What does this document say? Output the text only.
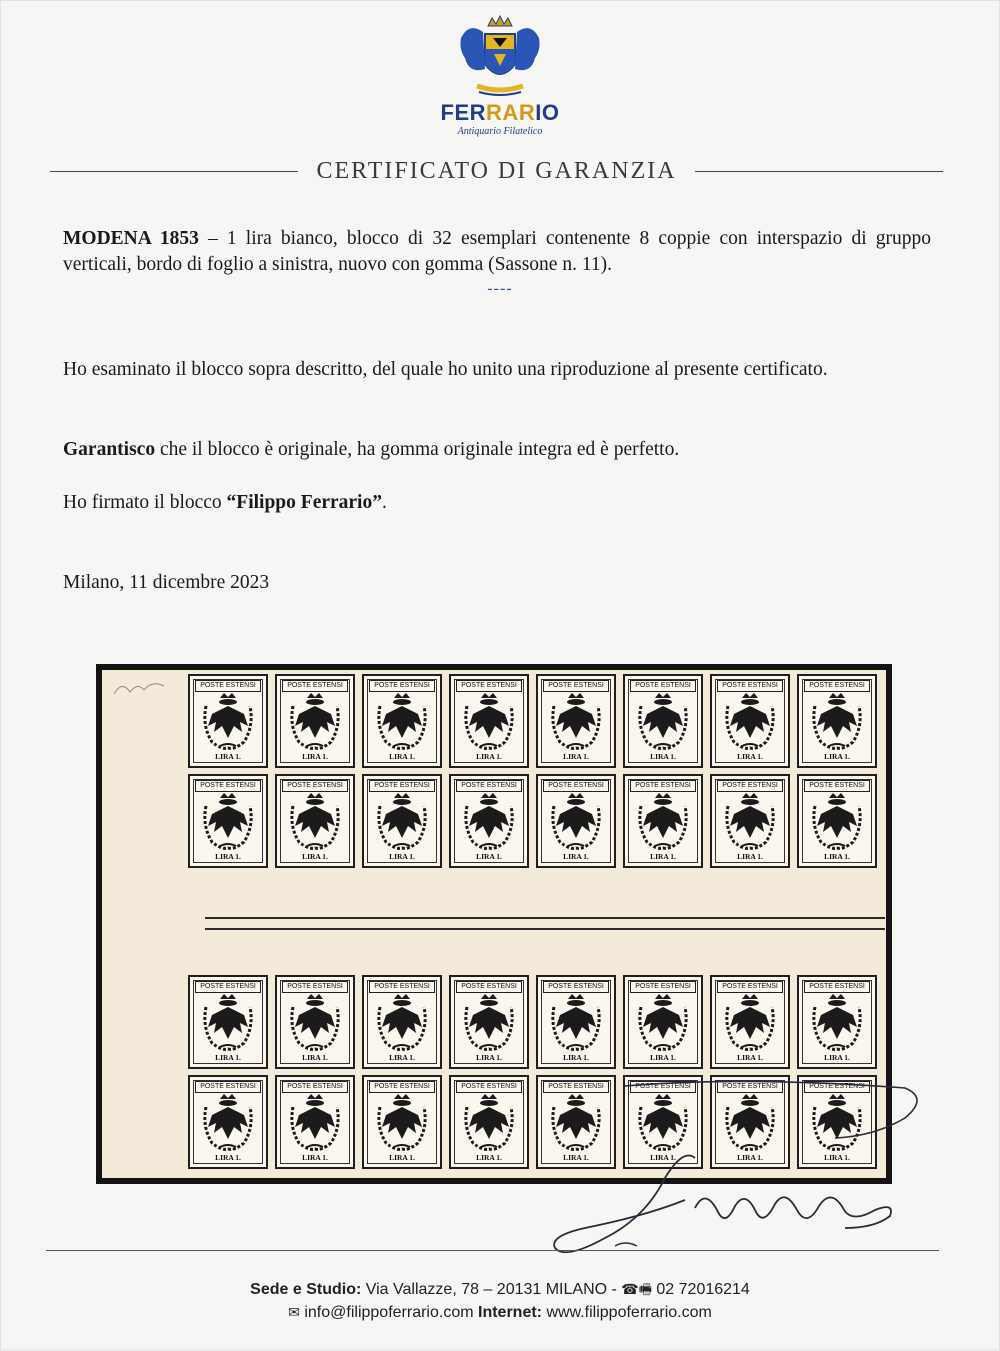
FERRARIO
Antiquario Filatelico
CERTIFICATO DI GARANZIA
MODENA 1853 – 1 lira bianco, blocco di 32 esemplari contenente 8 coppie con interspazio di gruppo verticali, bordo di foglio a sinistra, nuovo con gomma (Sassone n. 11).
----
Ho esaminato il blocco sopra descritto, del quale ho unito una riproduzione al presente certificato.
Garantisco che il blocco è originale, ha gomma originale integra ed è perfetto.
Ho firmato il blocco “Filippo Ferrario”.
Milano, 11 dicembre 2023
POSTE ESTENSI
LIRA 1.
POSTE ESTENSI
LIRA 1.
POSTE ESTENSI
LIRA 1.
POSTE ESTENSI
LIRA 1.
POSTE ESTENSI
LIRA 1.
POSTE ESTENSI
LIRA 1.
POSTE ESTENSI
LIRA 1.
POSTE ESTENSI
LIRA 1.
POSTE ESTENSI
LIRA 1.
POSTE ESTENSI
LIRA 1.
POSTE ESTENSI
LIRA 1.
POSTE ESTENSI
LIRA 1.
POSTE ESTENSI
LIRA 1.
POSTE ESTENSI
LIRA 1.
POSTE ESTENSI
LIRA 1.
POSTE ESTENSI
LIRA 1.
POSTE ESTENSI
LIRA 1.
POSTE ESTENSI
LIRA 1.
POSTE ESTENSI
LIRA 1.
POSTE ESTENSI
LIRA 1.
POSTE ESTENSI
LIRA 1.
POSTE ESTENSI
LIRA 1.
POSTE ESTENSI
LIRA 1.
POSTE ESTENSI
LIRA 1.
POSTE ESTENSI
LIRA 1.
POSTE ESTENSI
LIRA 1.
POSTE ESTENSI
LIRA 1.
POSTE ESTENSI
LIRA 1.
POSTE ESTENSI
LIRA 1.
POSTE ESTENSI
LIRA 1.
POSTE ESTENSI
LIRA 1.
POSTE ESTENSI
LIRA 1.
Sede e Studio: Via Vallazze, 78 – 20131 MILANO - ☎🖷 02 72016214
✉ info@filippoferrario.com Internet: www.filippoferrario.com
